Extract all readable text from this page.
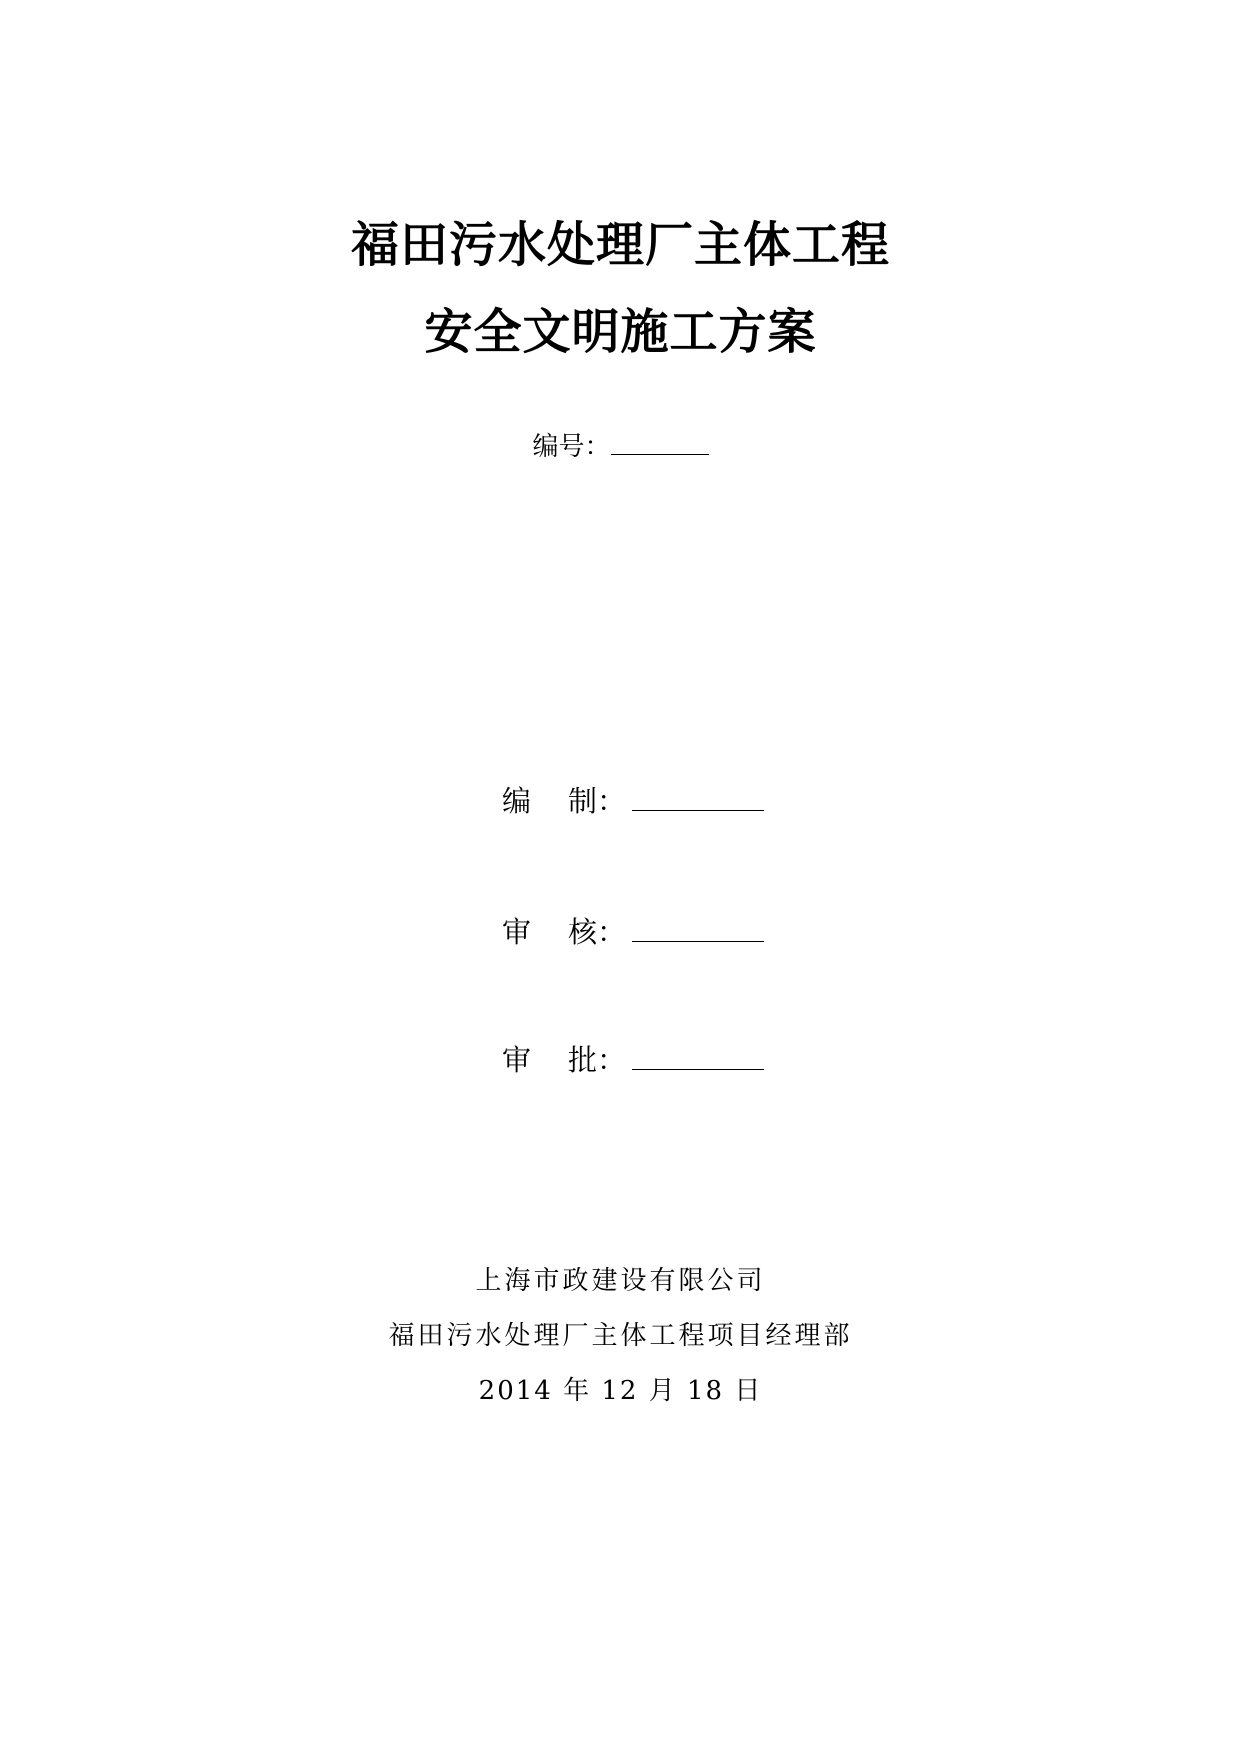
福田污水处理厂主体工程
安全文明施工方案
编号：
编 制：
审 核：
审 批：
上海市政建设有限公司
福田污水处理厂主体工程项目经理部
2014 年 12 月 18 日
